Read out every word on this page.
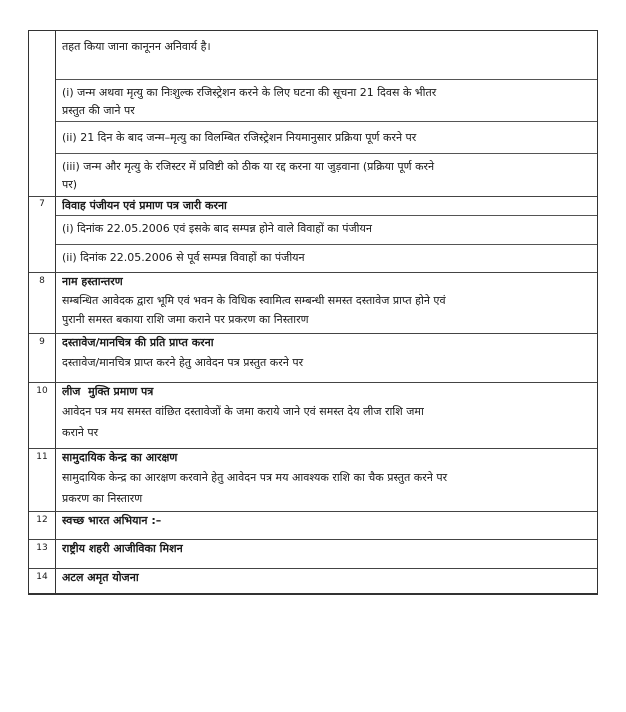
तहत किया जाना कानूनन अनिवार्य है।
(i) जन्म अथवा मृत्यु का निःशुल्क रजिस्ट्रेशन करने के लिए घटना की सूचना 21 दिवस के भीतर
प्रस्तुत की जाने पर
(ii) 21 दिन के बाद जन्म–मृत्यु का विलम्बित रजिस्ट्रेशन नियमानुसार प्रक्रिया पूर्ण करने पर
(iii) जन्म और मृत्यु के रजिस्टर में प्रविष्टी को ठीक या रद्द करना या जुड़वाना (प्रक्रिया पूर्ण करने
पर)
7	विवाह पंजीयन एवं प्रमाण पत्र जारी करना
(i) दिनांक 22.05.2006 एवं इसके बाद सम्पन्न होने वाले विवाहों का पंजीयन
(ii) दिनांक 22.05.2006 से पूर्व सम्पन्न विवाहों का पंजीयन
8	नाम हस्तान्तरण
सम्बन्धित आवेदक द्वारा भूमि एवं भवन के विधिक स्वामित्व सम्बन्धी समस्त दस्तावेज प्राप्त होने एवं
पुरानी समस्त बकाया राशि जमा कराने पर प्रकरण का निस्तारण
9	दस्तावेज/मानचित्र की प्रति प्राप्त करना
दस्तावेज/मानचित्र प्राप्त करने हेतु आवेदन पत्र प्रस्तुत करने पर
10	लीज  मुक्ति प्रमाण पत्र
आवेदन पत्र मय समस्त वांछित दस्तावेजों के जमा कराये जाने एवं समस्त देय लीज राशि जमा
कराने पर
11	सामुदायिक केन्द्र का आरक्षण
सामुदायिक केन्द्र का आरक्षण करवाने हेतु आवेदन पत्र मय आवश्यक राशि का चैक प्रस्तुत करने पर
प्रकरण का निस्तारण
12	स्वच्छ भारत अभियान :–
13	राष्ट्रीय शहरी आजीविका मिशन
14	अटल अमृत योजना
